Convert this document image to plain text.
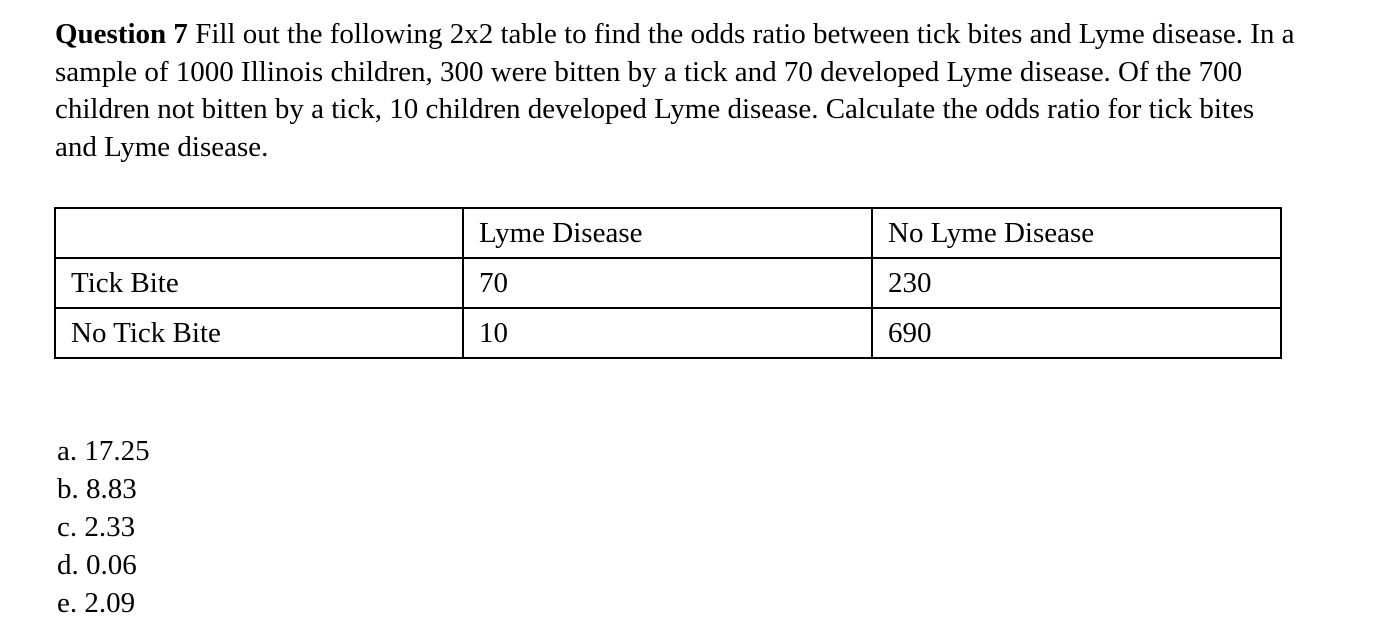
Question 7 Fill out the following 2x2 table to find the odds ratio between tick bites and Lyme disease. In a sample of 1000 Illinois children, 300 were bitten by a tick and 70 developed Lyme disease. Of the 700 children not bitten by a tick, 10 children developed Lyme disease. Calculate the odds ratio for tick bites and Lyme disease.
	Lyme Disease	No Lyme Disease
Tick Bite	70	230
No Tick Bite	10	690
a. 17.25
b. 8.83
c. 2.33
d. 0.06
e. 2.09
